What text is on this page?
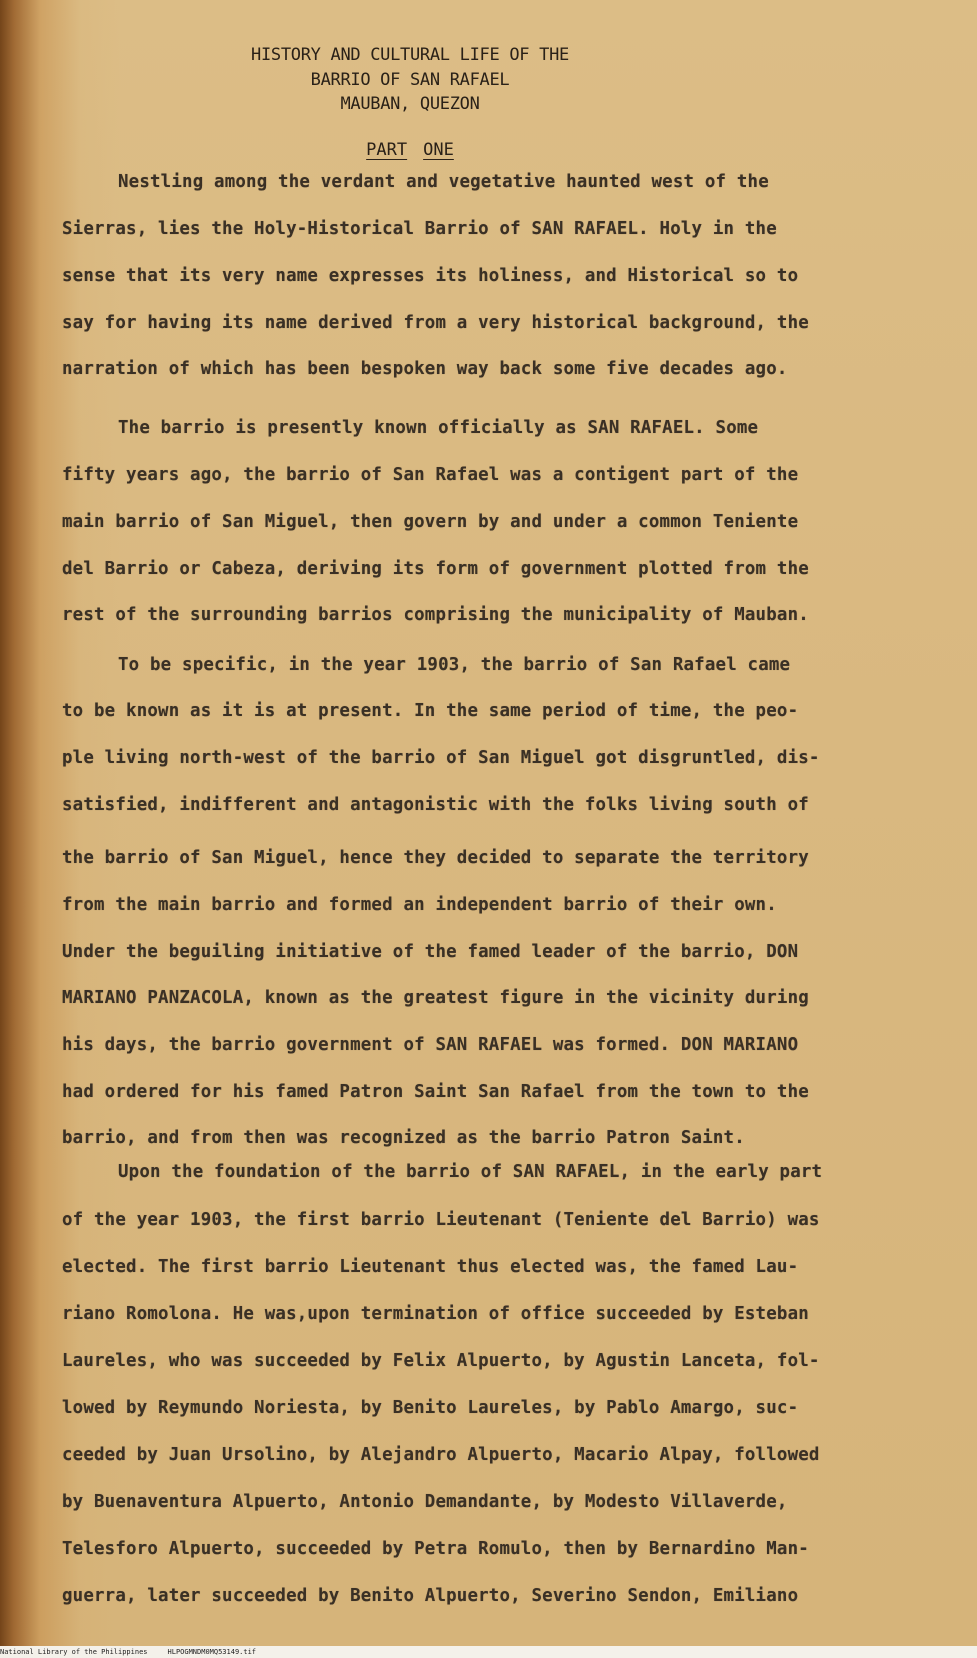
HISTORY AND CULTURAL LIFE OF THE
BARRIO OF SAN RAFAEL
MAUBAN, QUEZON
PART ONE
Nestling among the verdant and vegetative haunted west of the
Sierras, lies the Holy-Historical Barrio of SAN RAFAEL. Holy in the
sense that its very name expresses its holiness, and Historical so to
say for having its name derived from a very historical background, the
narration of which has been bespoken way back some five decades ago.
The barrio is presently known officially as SAN RAFAEL. Some
fifty years ago, the barrio of San Rafael was a contigent part of the
main barrio of San Miguel, then govern by and under a common Teniente
del Barrio or Cabeza, deriving its form of government plotted from the
rest of the surrounding barrios comprising the municipality of Mauban.
To be specific, in the year 1903, the barrio of San Rafael came
to be known as it is at present. In the same period of time, the peo-
ple living north-west of the barrio of San Miguel got disgruntled, dis-
satisfied, indifferent and antagonistic with the folks living south of
the barrio of San Miguel, hence they decided to separate the territory
from the main barrio and formed an independent barrio of their own.
Under the beguiling initiative of the famed leader of the barrio, DON
MARIANO PANZACOLA, known as the greatest figure in the vicinity during
his days, the barrio government of SAN RAFAEL was formed. DON MARIANO
had ordered for his famed Patron Saint San Rafael from the town to the
barrio, and from then was recognized as the barrio Patron Saint.
Upon the foundation of the barrio of SAN RAFAEL, in the early part
of the year 1903, the first barrio Lieutenant (Teniente del Barrio) was
elected. The first barrio Lieutenant thus elected was, the famed Lau-
riano Romolona. He was,upon termination of office succeeded by Esteban
Laureles, who was succeeded by Felix Alpuerto, by Agustin Lanceta, fol-
lowed by Reymundo Noriesta, by Benito Laureles, by Pablo Amargo, suc-
ceeded by Juan Ursolino, by Alejandro Alpuerto, Macario Alpay, followed
by Buenaventura Alpuerto, Antonio Demandante, by Modesto Villaverde,
Telesforo Alpuerto, succeeded by Petra Romulo, then by Bernardino Man-
guerra, later succeeded by Benito Alpuerto, Severino Sendon, Emiliano
National Library of the Philippines	HLPOGMNDM0MQ53149.tif
